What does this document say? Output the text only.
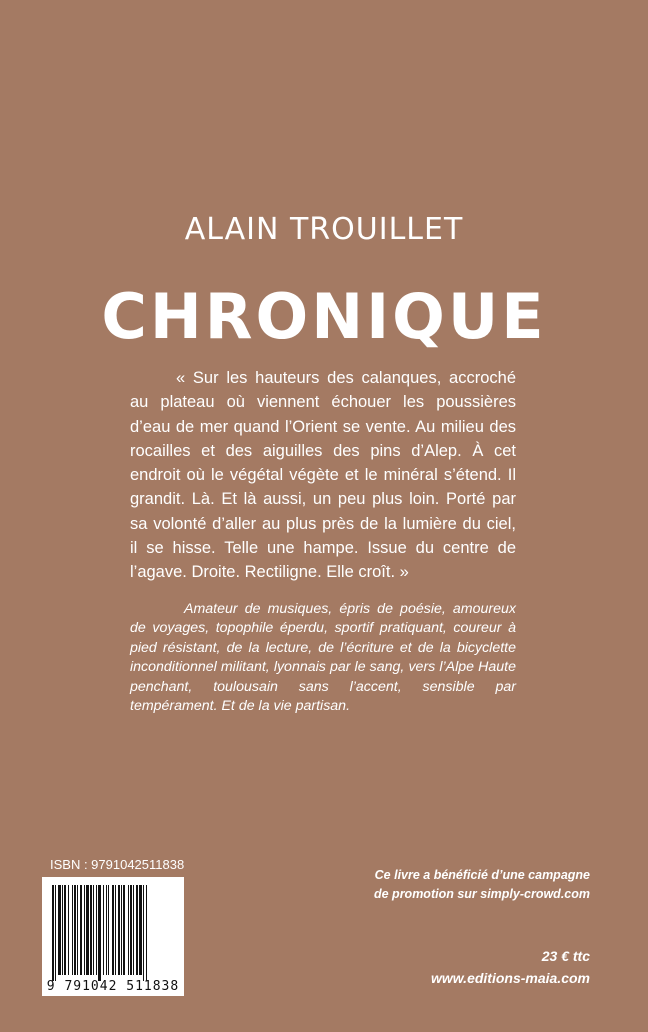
ALAIN TROUILLET
CHRONIQUE
« Sur les hauteurs des calanques, accroché au plateau où viennent échouer les poussières d’eau de mer quand l’Orient se vente. Au milieu des rocailles et des aiguilles des pins d’Alep. À cet endroit où le végétal végète et le minéral s’étend. Il grandit. Là. Et là aussi, un peu plus loin. Porté par sa volonté d’aller au plus près de la lumière du ciel, il se hisse. Telle une hampe. Issue du centre de l’agave. Droite. Rectiligne. Elle croît. »
Amateur de musiques, épris de poésie, amoureux de voyages, topophile éperdu, sportif pratiquant, coureur à pied résistant, de la lecture, de l’écriture et de la bicyclette inconditionnel militant, lyonnais par le sang, vers l’Alpe Haute penchant, toulousain sans l’accent, sensible par tempérament. Et de la vie partisan.
ISBN : 9791042511838
9 791042 511838
Ce livre a bénéficié d’une campagne
de promotion sur simply-crowd.com
23 € ttc
www.editions-maia.com
